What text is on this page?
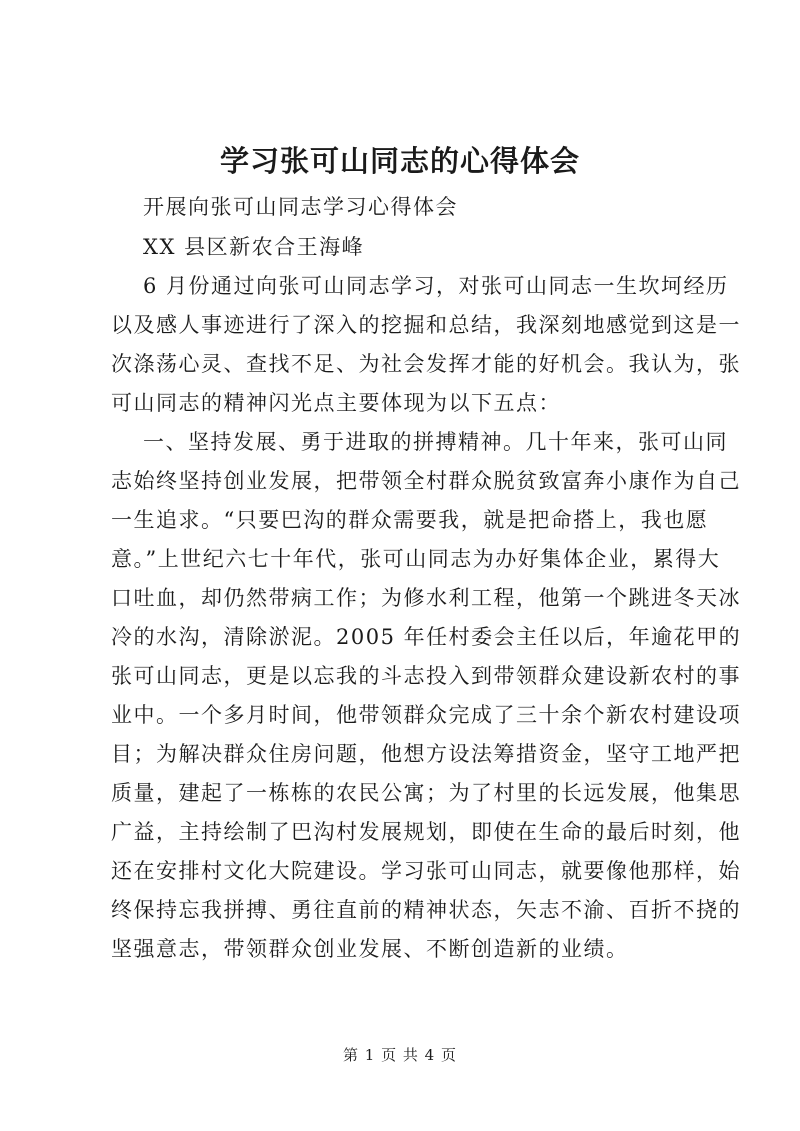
学习张可山同志的心得体会
开展向张可山同志学习心得体会
XX 县区新农合王海峰
6 月份通过向张可山同志学习，对张可山同志一生坎坷经历
以及感人事迹进行了深入的挖掘和总结，我深刻地感觉到这是一
次涤荡心灵、查找不足、为社会发挥才能的好机会。我认为，张
可山同志的精神闪光点主要体现为以下五点：
一、坚持发展、勇于进取的拼搏精神。几十年来，张可山同
志始终坚持创业发展，把带领全村群众脱贫致富奔小康作为自己
一生追求。“只要巴沟的群众需要我，就是把命搭上，我也愿
意。”上世纪六七十年代，张可山同志为办好集体企业，累得大
口吐血，却仍然带病工作；为修水利工程，他第一个跳进冬天冰
冷的水沟，清除淤泥。2005 年任村委会主任以后，年逾花甲的
张可山同志，更是以忘我的斗志投入到带领群众建设新农村的事
业中。一个多月时间，他带领群众完成了三十余个新农村建设项
目；为解决群众住房问题，他想方设法筹措资金，坚守工地严把
质量，建起了一栋栋的农民公寓；为了村里的长远发展，他集思
广益，主持绘制了巴沟村发展规划，即使在生命的最后时刻，他
还在安排村文化大院建设。学习张可山同志，就要像他那样，始
终保持忘我拼搏、勇往直前的精神状态，矢志不渝、百折不挠的
坚强意志，带领群众创业发展、不断创造新的业绩。
第 1 页 共 4 页
